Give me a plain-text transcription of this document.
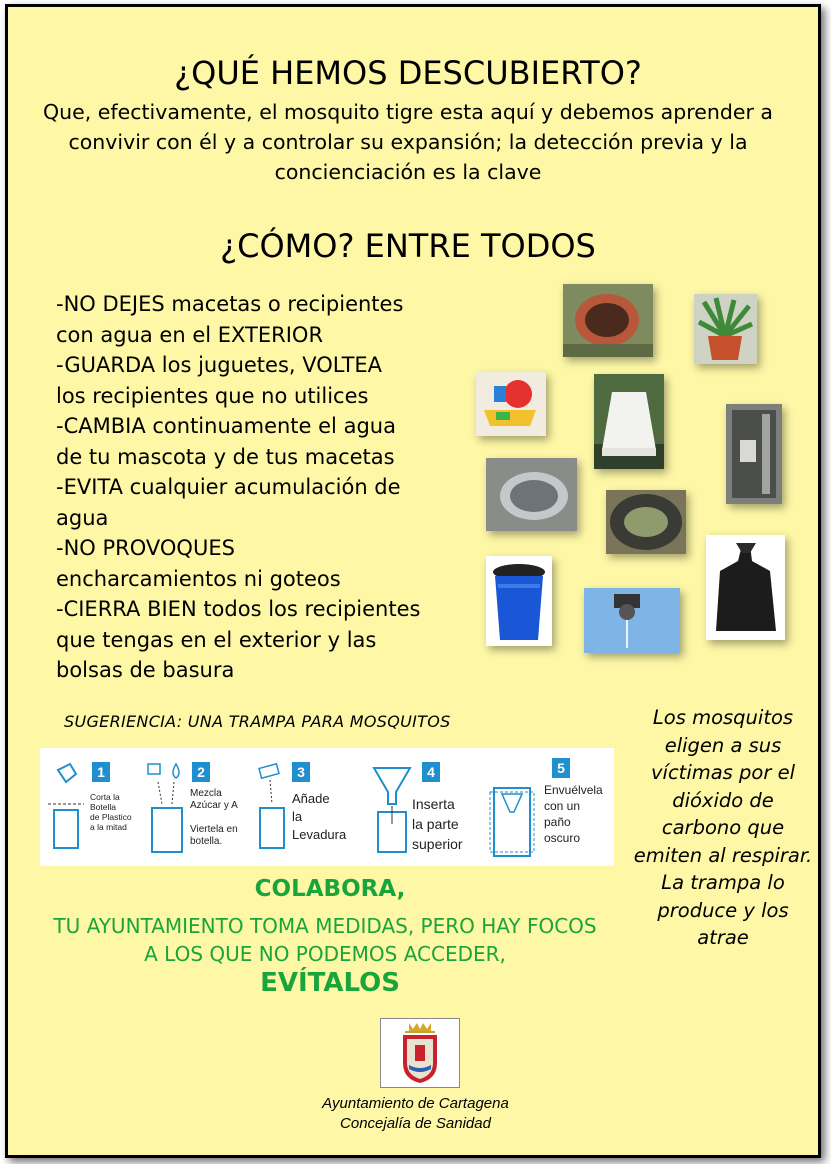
¿QUÉ HEMOS DESCUBIERTO?
Que, efectivamente, el mosquito tigre esta aquí y debemos aprender a
convivir con él y a controlar su expansión; la detección previa y la
concienciación es la clave
¿CÓMO? ENTRE TODOS
-NO DEJES macetas o recipientes
con agua en el EXTERIOR
-GUARDA los juguetes, VOLTEA
los recipientes que no utilices
-CAMBIA continuamente el agua
de tu mascota y de tus macetas
-EVITA cualquier acumulación de
agua
-NO PROVOQUES
encharcamientos ni goteos
-CIERRA BIEN todos los recipientes
que tengas en el exterior y las
bolsas de basura
SUGERIENCIA: UNA TRAMPA PARA MOSQUITOS
1
Corta la
Botella
de Plastico
a la mitad
2
Mezcla
Azúcar y A
Viertela en
botella.
3
Añade
la
Levadura
4
Inserta
la parte
superior
5
Envuélvela
con un
paño
oscuro
Los mosquitos
eligen a sus
víctimas por el
dióxido de
carbono que
emiten al respirar.
La trampa lo
produce y los
atrae
COLABORA,
TU AYUNTAMIENTO TOMA MEDIDAS, PERO HAY FOCOS
A LOS QUE NO PODEMOS ACCEDER,
EVÍTALOS
Ayuntamiento de Cartagena
Concejalía de Sanidad
